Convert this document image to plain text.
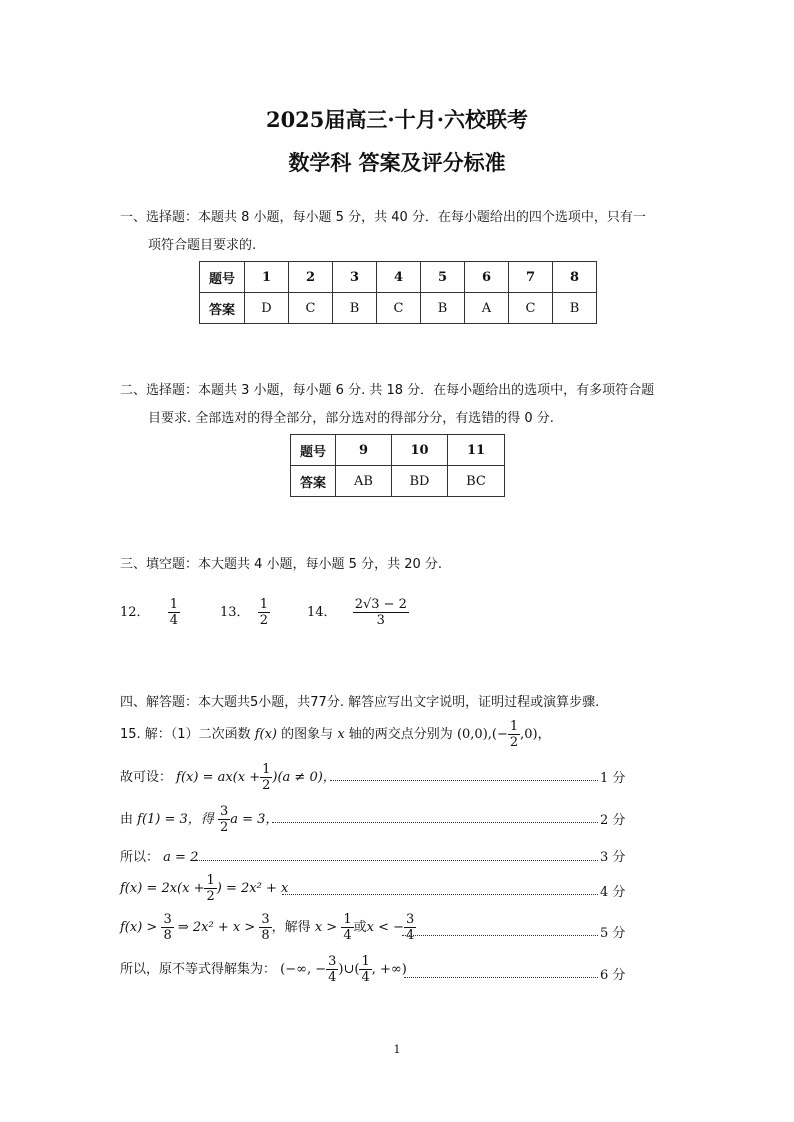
2025届高三·十月·六校联考
数学科 答案及评分标准
一、选择题：本题共 8 小题，每小题 5 分，共 40 分．在每小题给出的四个选项中，只有一
项符合题目要求的.
题号	1	2	3	4	5	6	7	8
答案	D	C	B	C	B	A	C	B
二、选择题：本题共 3 小题，每小题 6 分. 共 18 分．在每小题给出的选项中，有多项符合题
目要求. 全部选对的得全部分，部分选对的得部分分，有选错的得 0 分.
题号	9	10	11
答案	AB	BD	BC
三、填空题：本大题共 4 小题，每小题 5 分，共 20 分.
12． $\frac{1}{4}$	13． $\frac{1}{2}$	14． $\frac{2√3 - 2}{3}$
四、解答题：本大题共5小题，共77分. 解答应写出文字说明，证明过程或演算步骤.
15. 解：（1）二次函数 f(x) 的图象与 x 轴的两交点分别为 $(0,0),(- \frac{1}{2} ,0)$，
故可设： $f(x) = ax(x + \frac{1}{2} )(a \ne 0)$，	1 分
由 f(1) = 3，得 $\frac{3}{2}$ a = 3，	2 分
所以： a = 2	3 分
$f(x) = 2x(x + \frac{1}{2}$ ) = 2x² + x	4 分
$f(x) > \frac{3}{8}$ ⇒ $2x^2 + x > \frac{3}{8}$ ，解得 $x > \frac{1}{4}$ 或x < − $\frac{3}{4}$	5 分
所以，原不等式得解集为： (−∞, − $\frac{3}{4}$ )∪( $\frac{1}{4}$ , +∞)	6 分
1
